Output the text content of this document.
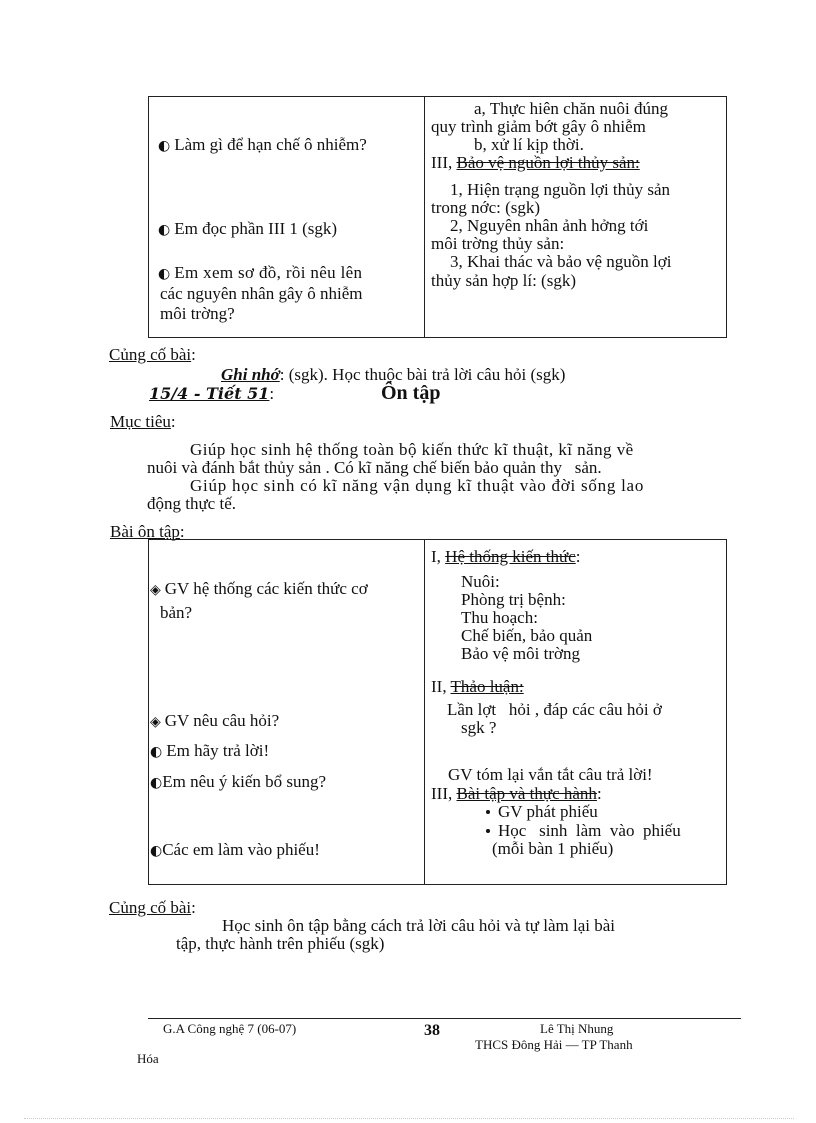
◐ Làm gì để hạn chế ô nhiễm?
◐ Em đọc phần III 1 (sgk)
◐ Em xem sơ đồ, rồi nêu lên
các nguyên nhân gây ô nhiễm
môi trờng?
a, Thực hiên chăn nuôi đúng
quy trình giảm bớt gây ô nhiễm
b, xử lí kịp thời.
III, Bảo vệ nguồn lợi thủy sản:
1, Hiện trạng nguồn lợi thủy sản
trong nớc: (sgk)
2, Nguyên nhân ảnh hởng tới
môi trờng thủy sản:
3, Khai thác và bảo vệ nguồn lợi
thủy sản hợp lí: (sgk)
Củng cố bài:
Ghi nhớ: (sgk). Học thuộc bài trả lời câu hỏi (sgk)
15/4 - Tiết 51:	Ôn tập
Mục tiêu:
Giúp học sinh hệ thống toàn bộ kiến thức kĩ thuật, kĩ năng về
nuôi và đánh bắt thủy sản . Có kĩ năng chế biến bảo quản thy   sản.
Giúp học sinh có kĩ năng vận dụng kĩ thuật vào đời sống lao
động thực tế.
Bài ôn tập:
◈ GV hệ thống các kiến thức cơ
bản?
◈ GV nêu câu hỏi?
◐ Em hãy trả lời!
◐Em nêu ý kiến bổ sung?
◐Các em làm vào phiếu!
I, Hệ thống kiến thức:
Nuôi:
Phòng trị bệnh:
Thu hoạch:
Chế biến, bảo quản
Bảo vệ môi trờng
II, Thảo luận:
Lần lợt   hỏi , đáp các câu hỏi ở
sgk ?
GV tóm lại vắn tắt câu trả lời!
III, Bài tập và thực hành:
GV phát phiếu
Học   sinh  làm  vào  phiếu
(mỗi bàn 1 phiếu)
Củng cố bài:
Học sinh ôn tập bằng cách trả lời câu hỏi và tự làm lại bài
tập, thực hành trên phiếu (sgk)
G.A Công nghệ 7 (06-07)	38	Lê Thị Nhung
THCS Đông Hải — TP Thanh
Hóa
